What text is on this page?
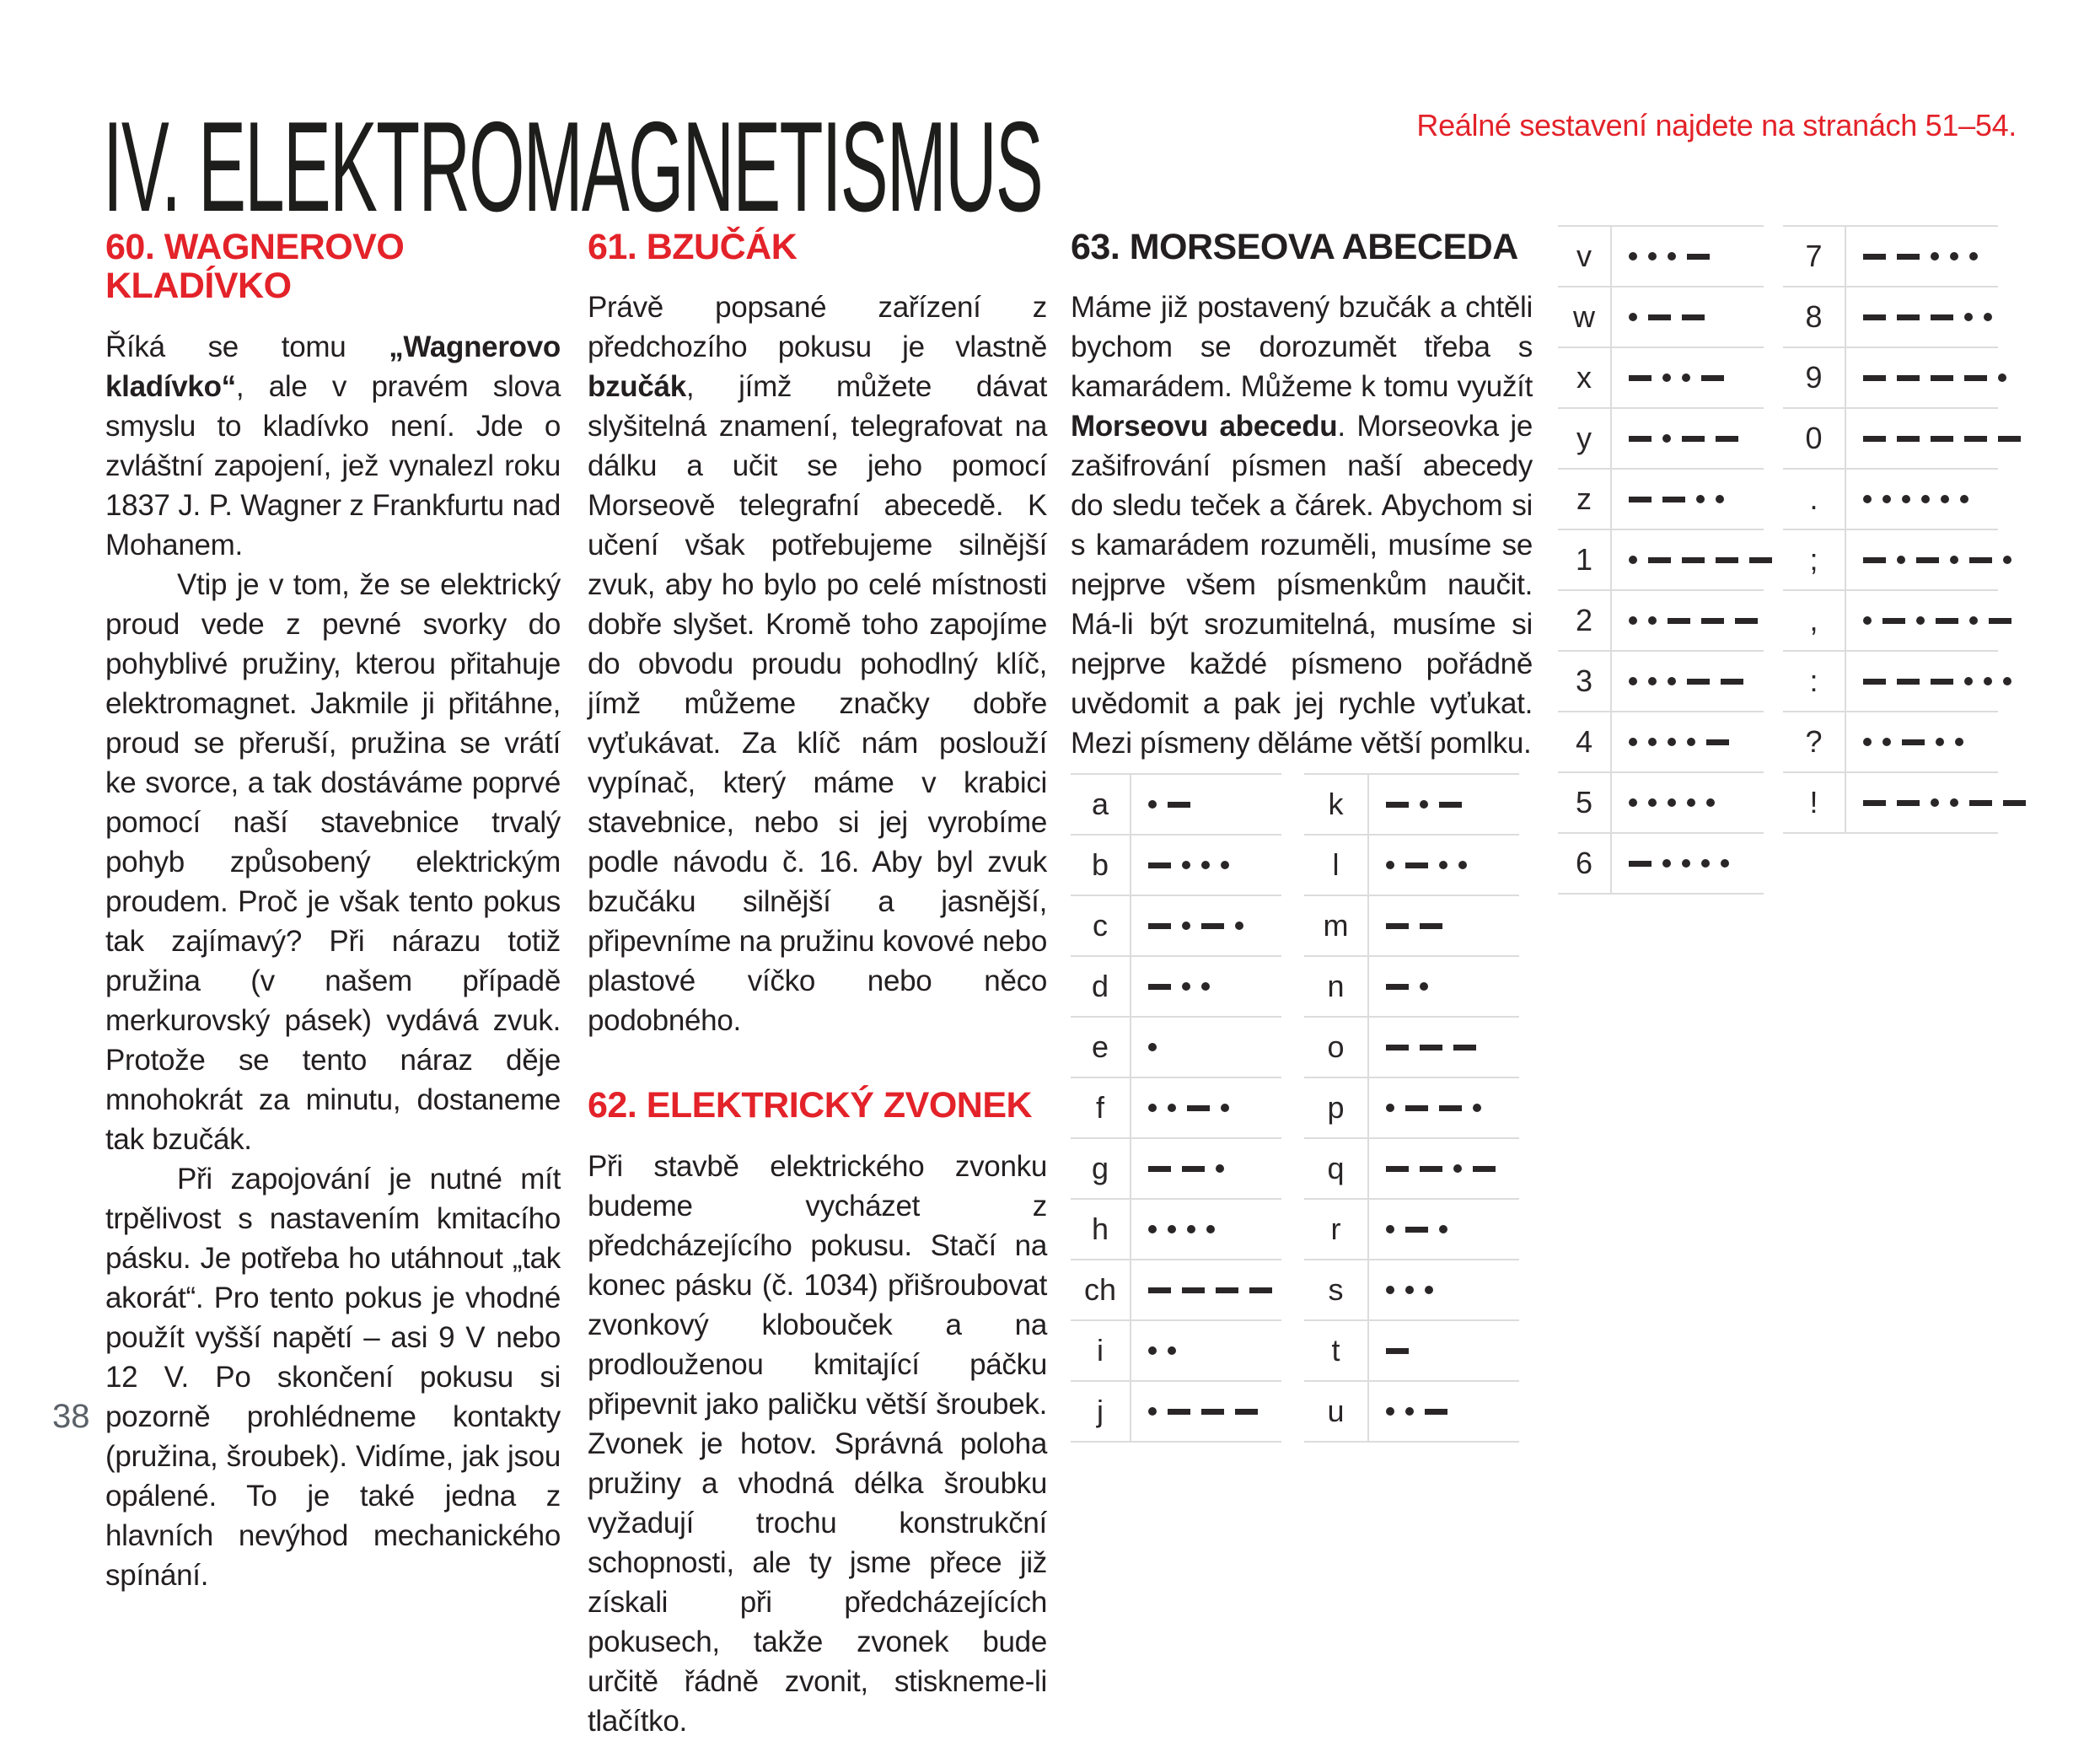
IV. ELEKTROMAGNETISMUS	Reálné sestavení najdete na stranách 51–54.
60. WAGNEROVO KLADÍVKO

Říká se tomu „Wagnerovo kladívko“, ale v pravém slova smyslu to kladívko není. Jde o zvláštní zapojení, jež vynalezl roku 1837 J. P. Wagner z Frankfurtu nad Mohanem.

Vtip je v tom, že se elektrický proud vede z pevné svorky do pohyblivé pružiny, kterou přitahuje elektromagnet. Jakmile ji přitáhne, proud se přeruší, pružina se vrátí ke svorce, a tak dostáváme poprvé pomocí naší stavebnice trvalý pohyb způsobený elektrickým proudem. Proč je však tento pokus tak zajímavý? Při nárazu totiž pružina (v našem případě merkurovský pásek) vydává zvuk. Protože se tento náraz děje mnohokrát za minutu, dostaneme tak bzučák.

Při zapojování je nutné mít trpělivost s nastavením kmitacího pásku. Je potřeba ho utáhnout „tak akorát“. Pro tento pokus je vhodné použít vyšší napětí – asi 9 V nebo 12 V. Po skončení pokusu si pozorně prohlédneme kontakty (pružina, šroubek). Vidíme, jak jsou opálené. To je také jedna z hlavních nevýhod mechanického spínání.

61. BZUČÁK

Právě popsané zařízení z předchozího pokusu je vlastně bzučák, jímž můžete dávat slyšitelná znamení, telegrafovat na dálku a učit se jeho pomocí Morseově telegrafní abecedě. K učení však potřebujeme silnější zvuk, aby ho bylo po celé místnosti dobře slyšet. Kromě toho zapojíme do obvodu proudu pohodlný klíč, jímž můžeme značky dobře vyťukávat. Za klíč nám poslouží vypínač, který máme v krabici stavebnice, nebo si jej vyrobíme podle návodu č. 16. Aby byl zvuk bzučáku silnější a jasnější, připevníme na pružinu kovové nebo plastové víčko nebo něco podobného.

62. ELEKTRICKÝ ZVONEK

Při stavbě elektrického zvonku budeme vycházet z předcházejícího pokusu. Stačí na konec pásku (č. 1034) přišroubovat zvonkový klobouček a na prodlouženou kmitající páčku připevnit jako paličku větší šroubek. Zvonek je hotov. Správná poloha pružiny a vhodná délka šroubku vyžadují trochu konstrukční schopnosti, ale ty jsme přece již získali při předcházejících pokusech, takže zvonek bude určitě řádně zvonit, stiskneme-li tlačítko.

63. MORSEOVA ABECEDA

Máme již postavený bzučák a chtěli bychom se dorozumět třeba s kamarádem. Můžeme k tomu využít Morseovu abecedu. Morseovka je zašifrování písmen naší abecedy do sledu teček a čárek. Abychom si s kamarádem rozuměli, musíme se nejprve všem písmenkům naučit. Má-li být srozumitelná, musíme si nejprve každé písmeno pořádně uvědomit a pak jej rychle vyťukat. Mezi písmeny děláme větší pomlku.

a
b
c
d
e
f
g
h
ch
i
j
k
l
m
n
o
p
q
r
s
t
u
v
w
x
y
z
1
2
3
4
5
6
7
8
9
0
.
;
,
:
?
!
38
